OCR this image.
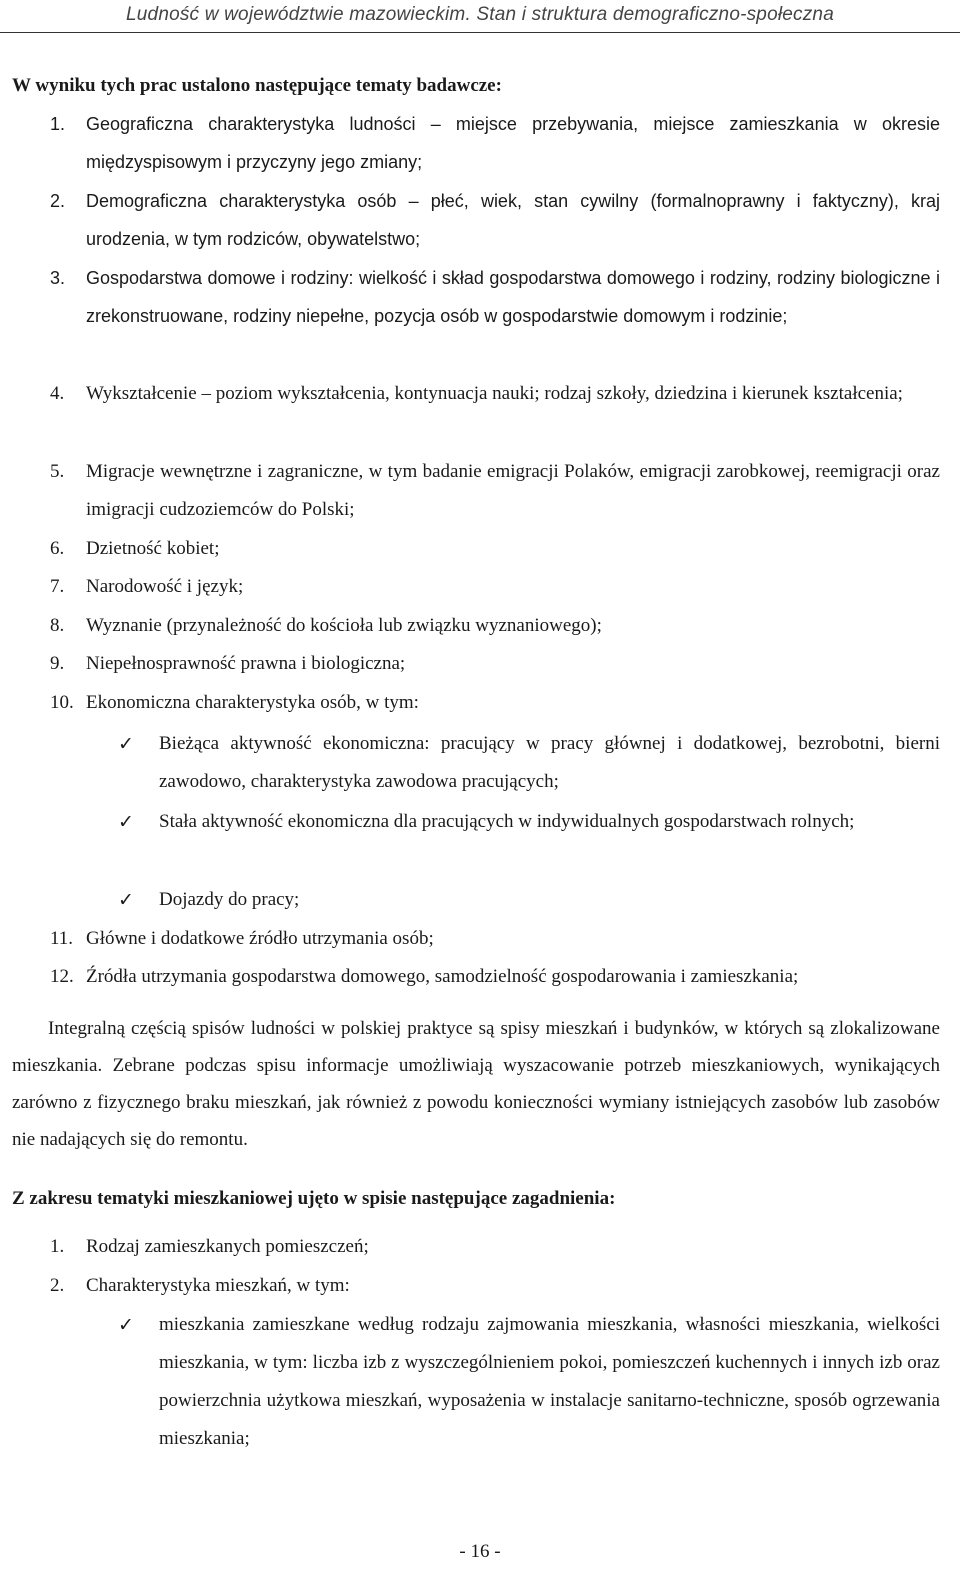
Ludność w województwie mazowieckim. Stan i struktura demograficzno-społeczna
W wyniku tych prac ustalono następujące tematy badawcze:
1. Geograficzna charakterystyka ludności – miejsce przebywania, miejsce zamieszkania w okresie międzyspisowym i przyczyny jego zmiany;
2. Demograficzna charakterystyka osób – płeć, wiek, stan cywilny (formalnoprawny i faktyczny), kraj urodzenia, w tym rodziców, obywatelstwo;
3. Gospodarstwa domowe i rodziny: wielkość i skład gospodarstwa domowego i rodziny, rodziny biologiczne i zrekonstruowane, rodziny niepełne, pozycja osób w gospodarstwie domowym i rodzinie;
4. Wykształcenie – poziom wykształcenia, kontynuacja nauki; rodzaj szkoły, dziedzina i kierunek kształcenia;
5. Migracje wewnętrzne i zagraniczne, w tym badanie emigracji Polaków, emigracji zarobkowej, reemigracji oraz imigracji cudzoziemców do Polski;
6. Dzietność kobiet;
7. Narodowość i język;
8. Wyznanie (przynależność do kościoła lub związku wyznaniowego);
9. Niepełnosprawność prawna i biologiczna;
10. Ekonomiczna charakterystyka osób, w tym:
✓ Bieżąca aktywność ekonomiczna: pracujący w pracy głównej i dodatkowej, bezrobotni, bierni zawodowo, charakterystyka zawodowa pracujących;
✓ Stała aktywność ekonomiczna dla pracujących w indywidualnych gospodarstwach rolnych;
✓ Dojazdy do pracy;
11. Główne i dodatkowe źródło utrzymania osób;
12. Źródła utrzymania gospodarstwa domowego, samodzielność gospodarowania i zamieszkania;
Integralną częścią spisów ludności w polskiej praktyce są spisy mieszkań i budynków, w których są zlokalizowane mieszkania. Zebrane podczas spisu informacje umożliwiają wyszacowanie potrzeb mieszkaniowych, wynikających zarówno z fizycznego braku mieszkań, jak również z powodu konieczności wymiany istniejących zasobów lub zasobów nie nadających się do remontu.
Z zakresu tematyki mieszkaniowej ujęto w spisie następujące zagadnienia:
1. Rodzaj zamieszkanych pomieszczeń;
2. Charakterystyka mieszkań, w tym:
✓ mieszkania zamieszkane według rodzaju zajmowania mieszkania, własności mieszkania, wielkości mieszkania, w tym: liczba izb z wyszczególnieniem pokoi, pomieszczeń kuchennych i innych izb oraz powierzchnia użytkowa mieszkań, wyposażenia w instalacje sanitarno-techniczne, sposób ogrzewania mieszkania;
- 16 -
